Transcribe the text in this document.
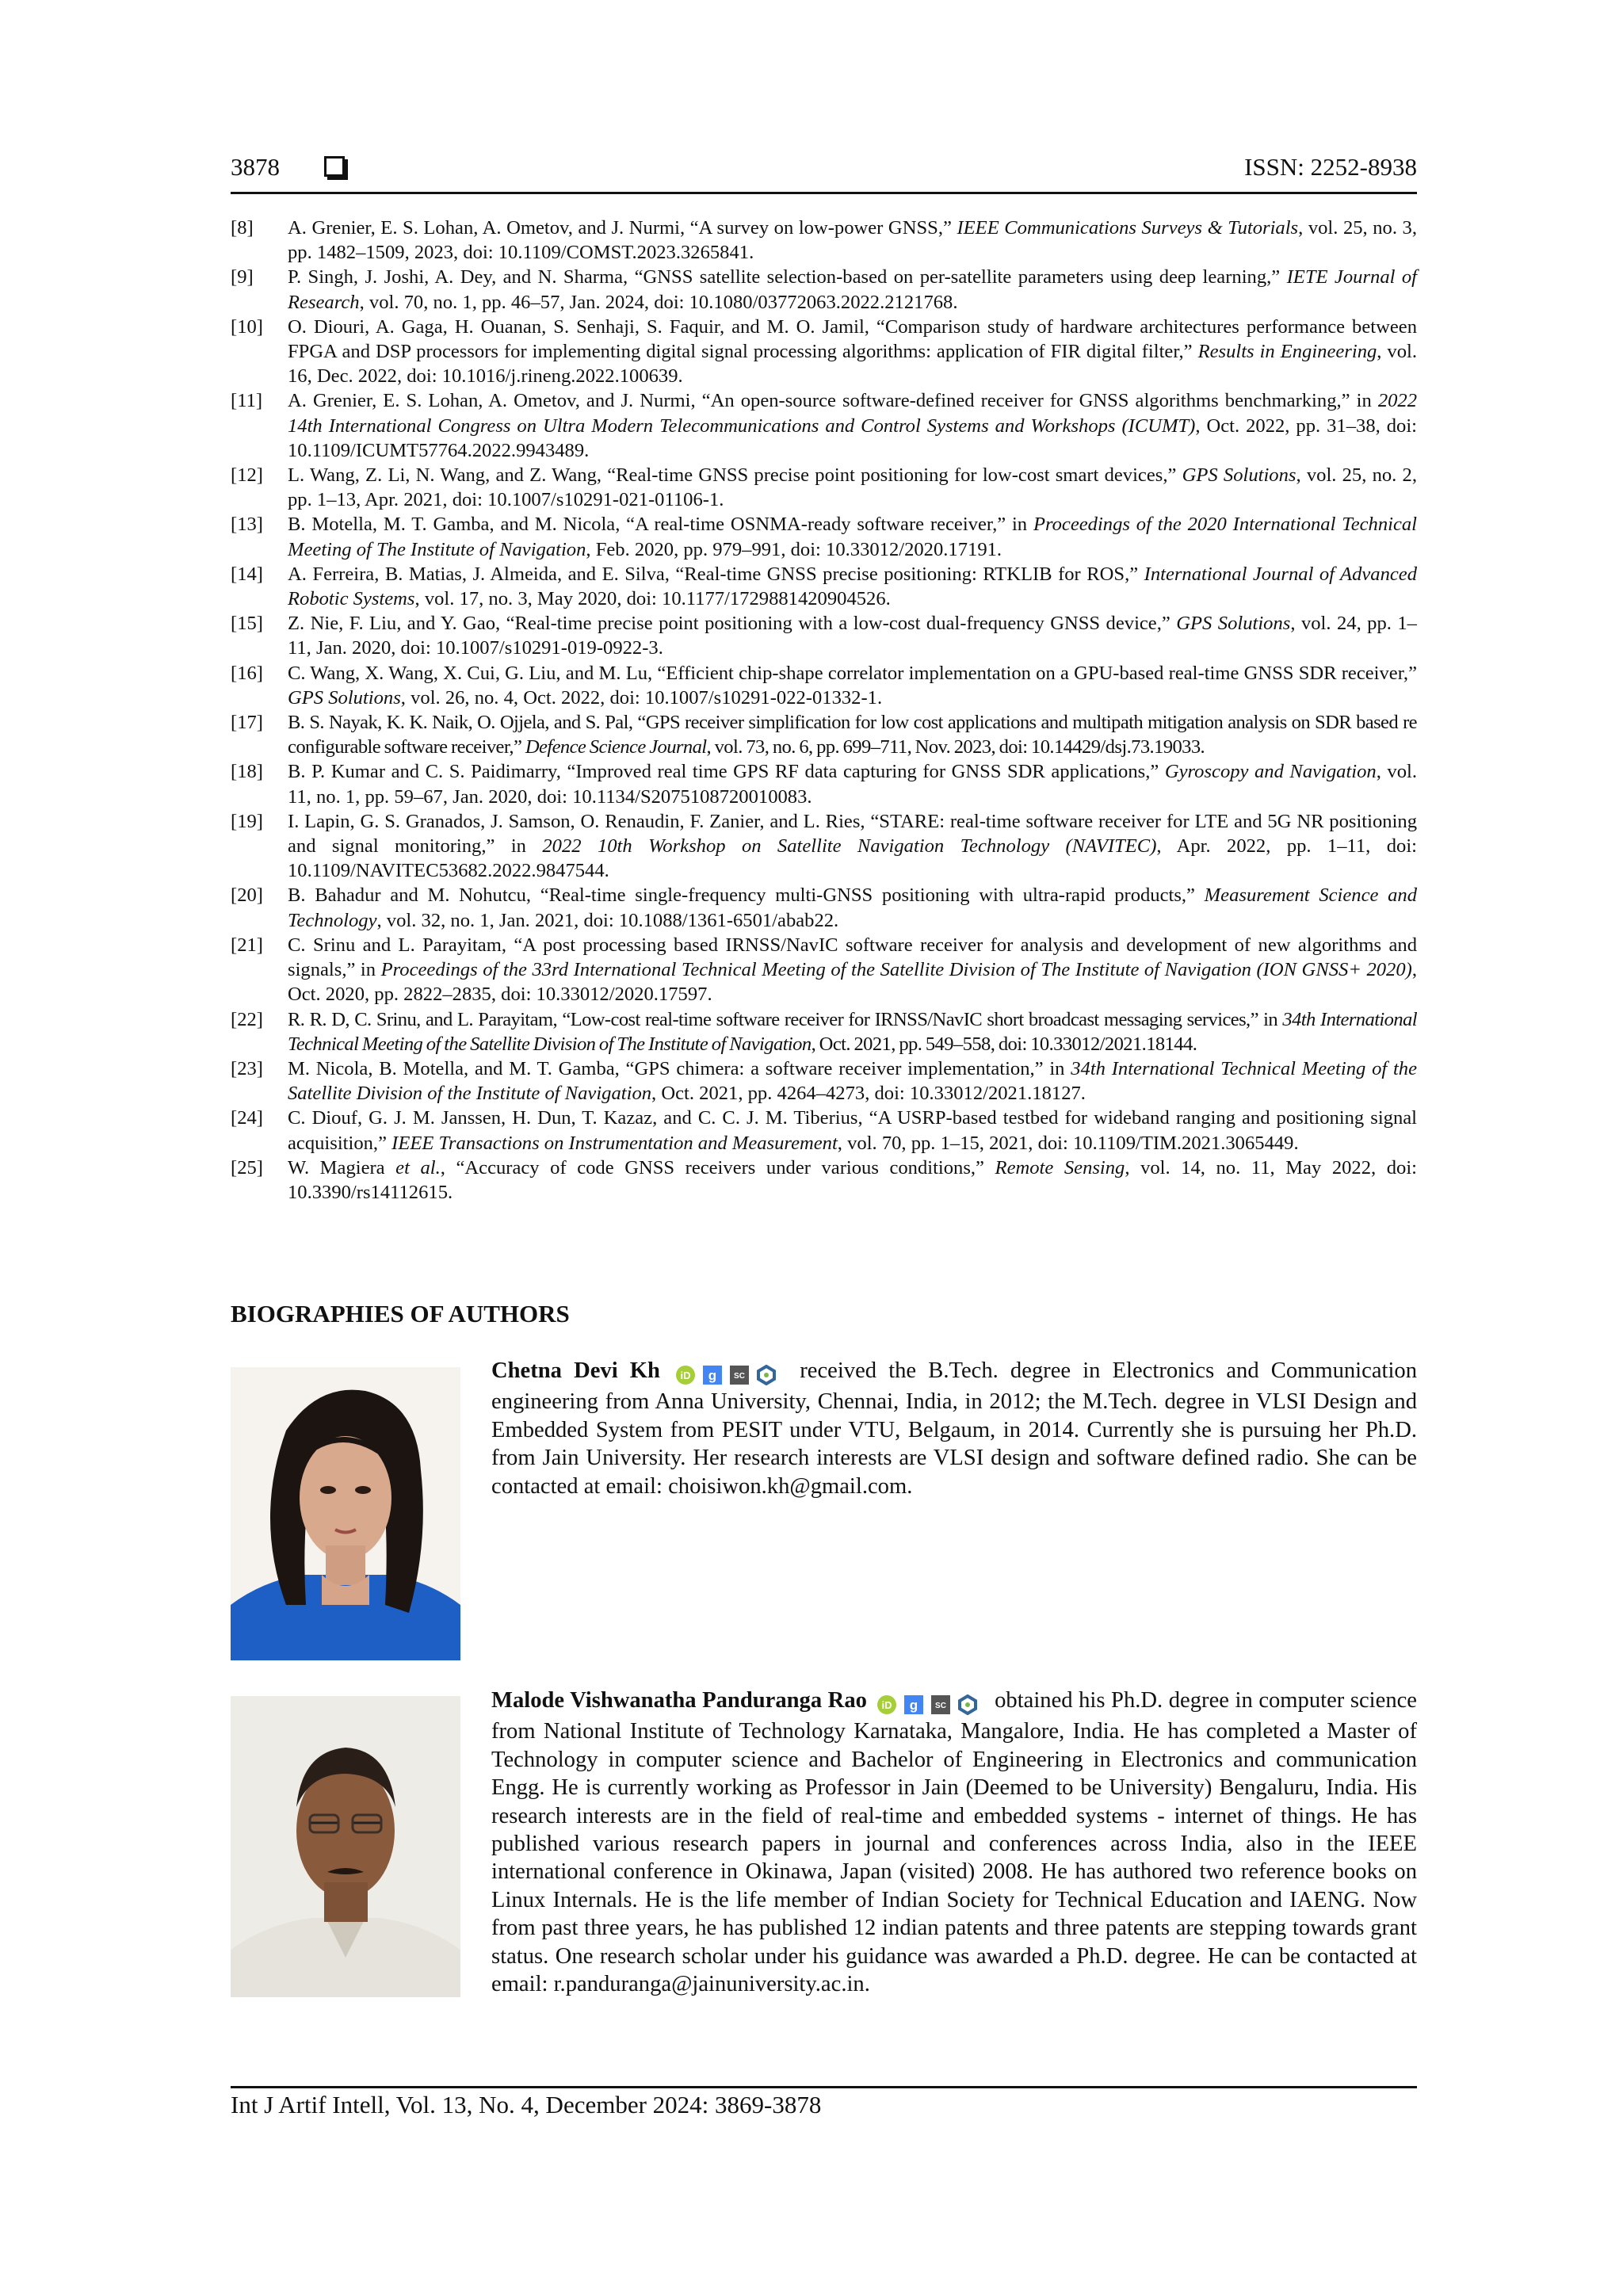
3878	ISSN: 2252-8938
[8] A. Grenier, E. S. Lohan, A. Ometov, and J. Nurmi, “A survey on low-power GNSS,” IEEE Communications Surveys & Tutorials, vol. 25, no. 3, pp. 1482–1509, 2023, doi: 10.1109/COMST.2023.3265841.
[9] P. Singh, J. Joshi, A. Dey, and N. Sharma, “GNSS satellite selection-based on per-satellite parameters using deep learning,” IETE Journal of Research, vol. 70, no. 1, pp. 46–57, Jan. 2024, doi: 10.1080/03772063.2022.2121768.
[10] O. Diouri, A. Gaga, H. Ouanan, S. Senhaji, S. Faquir, and M. O. Jamil, “Comparison study of hardware architectures performance between FPGA and DSP processors for implementing digital signal processing algorithms: application of FIR digital filter,” Results in Engineering, vol. 16, Dec. 2022, doi: 10.1016/j.rineng.2022.100639.
[11] A. Grenier, E. S. Lohan, A. Ometov, and J. Nurmi, “An open-source software-defined receiver for GNSS algorithms benchmarking,” in 2022 14th International Congress on Ultra Modern Telecommunications and Control Systems and Workshops (ICUMT), Oct. 2022, pp. 31–38, doi: 10.1109/ICUMT57764.2022.9943489.
[12] L. Wang, Z. Li, N. Wang, and Z. Wang, “Real-time GNSS precise point positioning for low-cost smart devices,” GPS Solutions, vol. 25, no. 2, pp. 1–13, Apr. 2021, doi: 10.1007/s10291-021-01106-1.
[13] B. Motella, M. T. Gamba, and M. Nicola, “A real-time OSNMA-ready software receiver,” in Proceedings of the 2020 International Technical Meeting of The Institute of Navigation, Feb. 2020, pp. 979–991, doi: 10.33012/2020.17191.
[14] A. Ferreira, B. Matias, J. Almeida, and E. Silva, “Real-time GNSS precise positioning: RTKLIB for ROS,” International Journal of Advanced Robotic Systems, vol. 17, no. 3, May 2020, doi: 10.1177/1729881420904526.
[15] Z. Nie, F. Liu, and Y. Gao, “Real-time precise point positioning with a low-cost dual-frequency GNSS device,” GPS Solutions, vol. 24, pp. 1–11, Jan. 2020, doi: 10.1007/s10291-019-0922-3.
[16] C. Wang, X. Wang, X. Cui, G. Liu, and M. Lu, “Efficient chip-shape correlator implementation on a GPU-based real-time GNSS SDR receiver,” GPS Solutions, vol. 26, no. 4, Oct. 2022, doi: 10.1007/s10291-022-01332-1.
[17] B. S. Nayak, K. K. Naik, O. Ojjela, and S. Pal, “GPS receiver simplification for low cost applications and multipath mitigation analysis on SDR based re configurable software receiver,” Defence Science Journal, vol. 73, no. 6, pp. 699–711, Nov. 2023, doi: 10.14429/dsj.73.19033.
[18] B. P. Kumar and C. S. Paidimarry, “Improved real time GPS RF data capturing for GNSS SDR applications,” Gyroscopy and Navigation, vol. 11, no. 1, pp. 59–67, Jan. 2020, doi: 10.1134/S2075108720010083.
[19] I. Lapin, G. S. Granados, J. Samson, O. Renaudin, F. Zanier, and L. Ries, “STARE: real-time software receiver for LTE and 5G NR positioning and signal monitoring,” in 2022 10th Workshop on Satellite Navigation Technology (NAVITEC), Apr. 2022, pp. 1–11, doi: 10.1109/NAVITEC53682.2022.9847544.
[20] B. Bahadur and M. Nohutcu, “Real-time single-frequency multi-GNSS positioning with ultra-rapid products,” Measurement Science and Technology, vol. 32, no. 1, Jan. 2021, doi: 10.1088/1361-6501/abab22.
[21] C. Srinu and L. Parayitam, “A post processing based IRNSS/NavIC software receiver for analysis and development of new algorithms and signals,” in Proceedings of the 33rd International Technical Meeting of the Satellite Division of The Institute of Navigation (ION GNSS+ 2020), Oct. 2020, pp. 2822–2835, doi: 10.33012/2020.17597.
[22] R. R. D, C. Srinu, and L. Parayitam, “Low-cost real-time software receiver for IRNSS/NavIC short broadcast messaging services,” in 34th International Technical Meeting of the Satellite Division of The Institute of Navigation, Oct. 2021, pp. 549–558, doi: 10.33012/2021.18144.
[23] M. Nicola, B. Motella, and M. T. Gamba, “GPS chimera: a software receiver implementation,” in 34th International Technical Meeting of the Satellite Division of the Institute of Navigation, Oct. 2021, pp. 4264–4273, doi: 10.33012/2021.18127.
[24] C. Diouf, G. J. M. Janssen, H. Dun, T. Kazaz, and C. C. J. M. Tiberius, “A USRP-based testbed for wideband ranging and positioning signal acquisition,” IEEE Transactions on Instrumentation and Measurement, vol. 70, pp. 1–15, 2021, doi: 10.1109/TIM.2021.3065449.
[25] W. Magiera et al., “Accuracy of code GNSS receivers under various conditions,” Remote Sensing, vol. 14, no. 11, May 2022, doi: 10.3390/rs14112615.
BIOGRAPHIES OF AUTHORS
Chetna Devi Kh iD g SC received the B.Tech. degree in Electronics and Communication engineering from Anna University, Chennai, India, in 2012; the M.Tech. degree in VLSI Design and Embedded System from PESIT under VTU, Belgaum, in 2014. Currently she is pursuing her Ph.D. from Jain University. Her research interests are VLSI design and software defined radio. She can be contacted at email: choisiwon.kh@gmail.com.
Malode Vishwanatha Panduranga Rao iD g SC obtained his Ph.D. degree in computer science from National Institute of Technology Karnataka, Mangalore, India. He has completed a Master of Technology in computer science and Bachelor of Engineering in Electronics and communication Engg. He is currently working as Professor in Jain (Deemed to be University) Bengaluru, India. His research interests are in the field of real-time and embedded systems - internet of things. He has published various research papers in journal and conferences across India, also in the IEEE international conference in Okinawa, Japan (visited) 2008. He has authored two reference books on Linux Internals. He is the life member of Indian Society for Technical Education and IAENG. Now from past three years, he has published 12 indian patents and three patents are stepping towards grant status. One research scholar under his guidance was awarded a Ph.D. degree. He can be contacted at email: r.panduranga@jainuniversity.ac.in.
Int J Artif Intell, Vol. 13, No. 4, December 2024: 3869-3878
